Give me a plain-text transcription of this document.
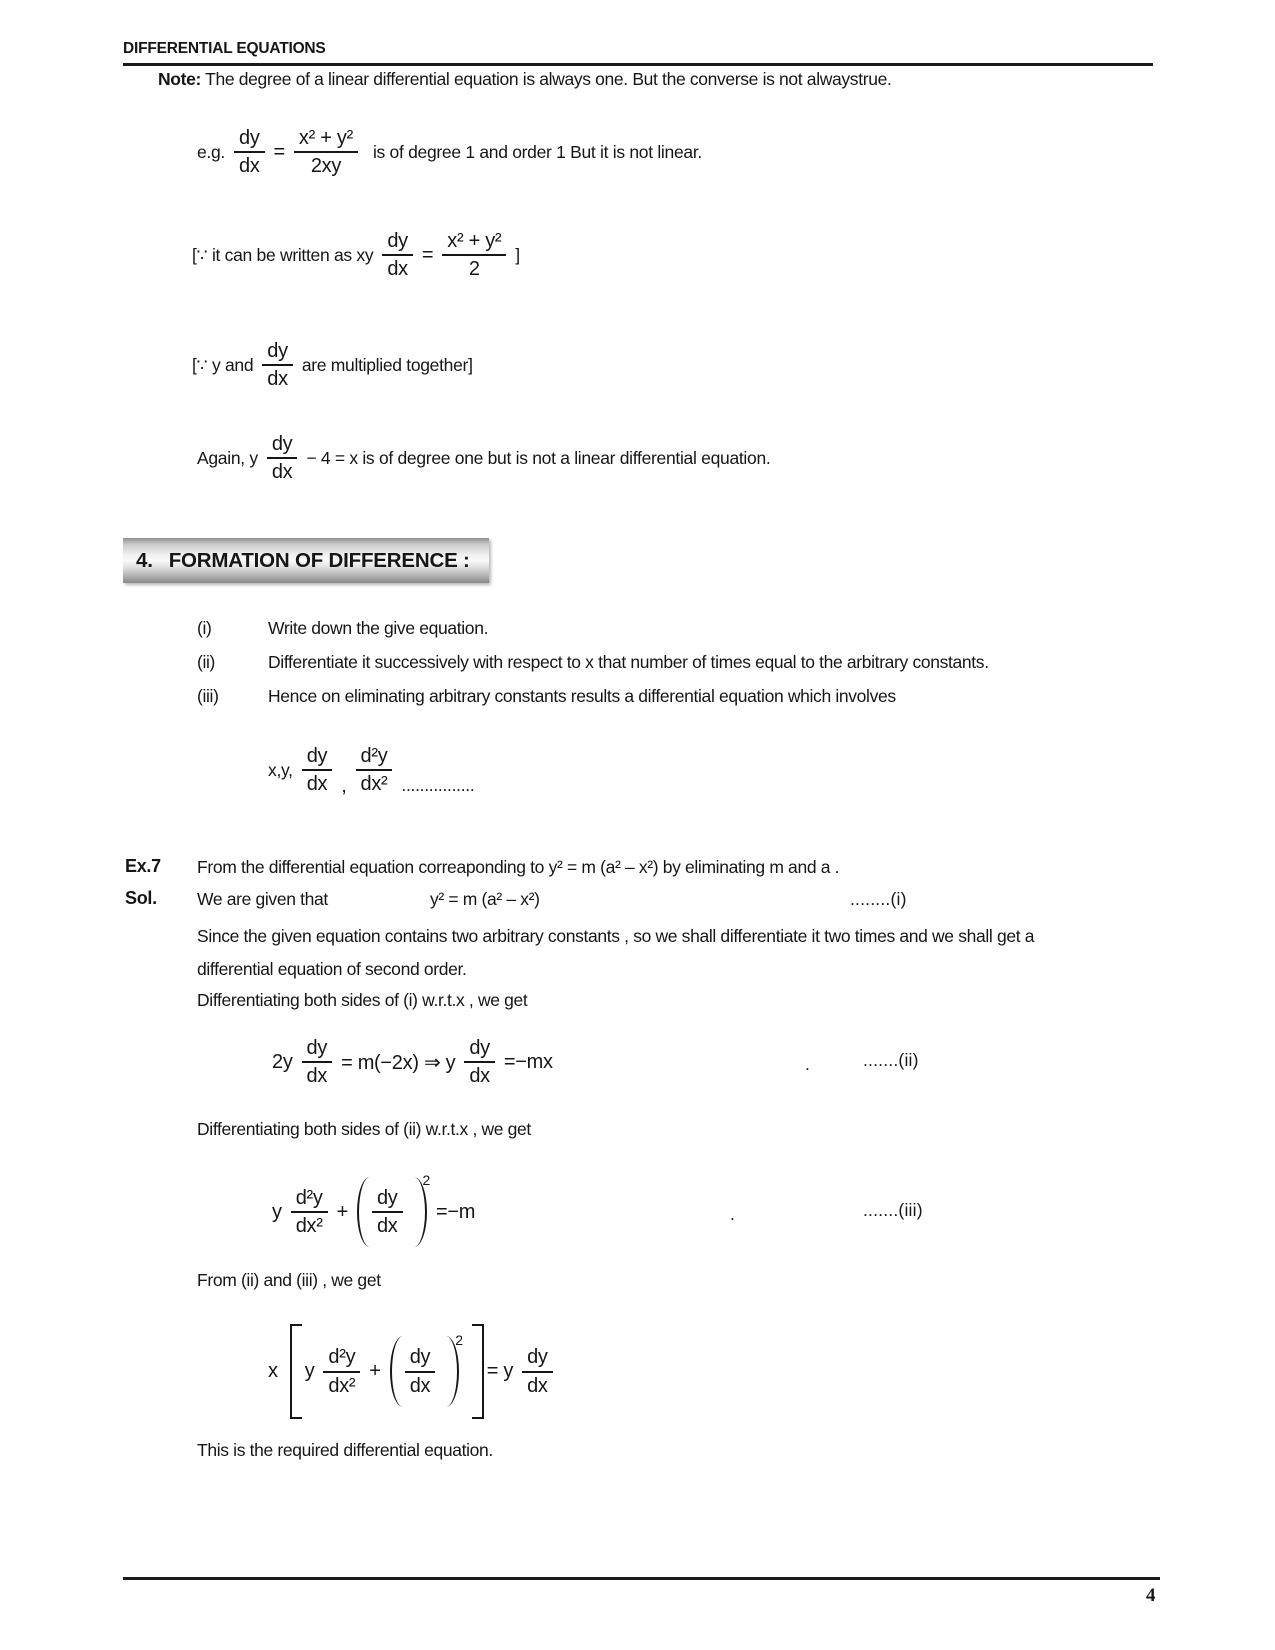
DIFFERENTIAL EQUATIONS
Note: The degree of a linear differential equation is always one. But the converse is not alwaystrue.
e.g. $\frac{dy}{dx} = \frac{\text{x² + y²}}{2xy}$ is of degree 1 and order 1 But it is not linear.
[∵ it can be written as xy $\frac{dy}{dx} = \frac{\text{x² + y²}}{2}$ ]
[∵ y and $\frac{dy}{dx}$ are multiplied together]
Again, y $\frac{dy}{dx} - 4 = x$ is of degree one but is not a linear differential equation.
4. FORMATION OF DIFFERENCE :
(i)	Write down the give equation.
(ii)	Differentiate it successively with respect to x that number of times equal to the arbitrary constants.
(iii)	Hence on eliminating arbitrary constants results a differential equation which involves
x,y, $\frac{dy}{dx}$ , $\frac{\text{d²y}}{\text{dx²}}$ ................
Ex.7 From the differential equation correaponding to y² = m (a² – x²) by eliminating m and a .
Sol. We are given that	y² = m (a² – x²)	........(i)
Since the given equation contains two arbitrary constants , so we shall differentiate it two times and we shall get a differential equation of second order.
Differentiating both sides of (i) w.r.t.x , we get
$2y \frac{dy}{dx} = m(-2x)$ ⇒ y $\frac{dy}{dx} =-mx$	.	.......(ii)
Differentiating both sides of (ii) w.r.t.x , we get
y $\frac{\text{d²y}}{\text{dx²}} + \frac{dy}{dx}$
2
=−m	.	.......(iii)
From (ii) and (iii) , we get
x y $\frac{\text{d²y}}{\text{dx²}} + \frac{dy}{dx}$
2
= y $\frac{dy}{dx}$
This is the required differential equation.
4
